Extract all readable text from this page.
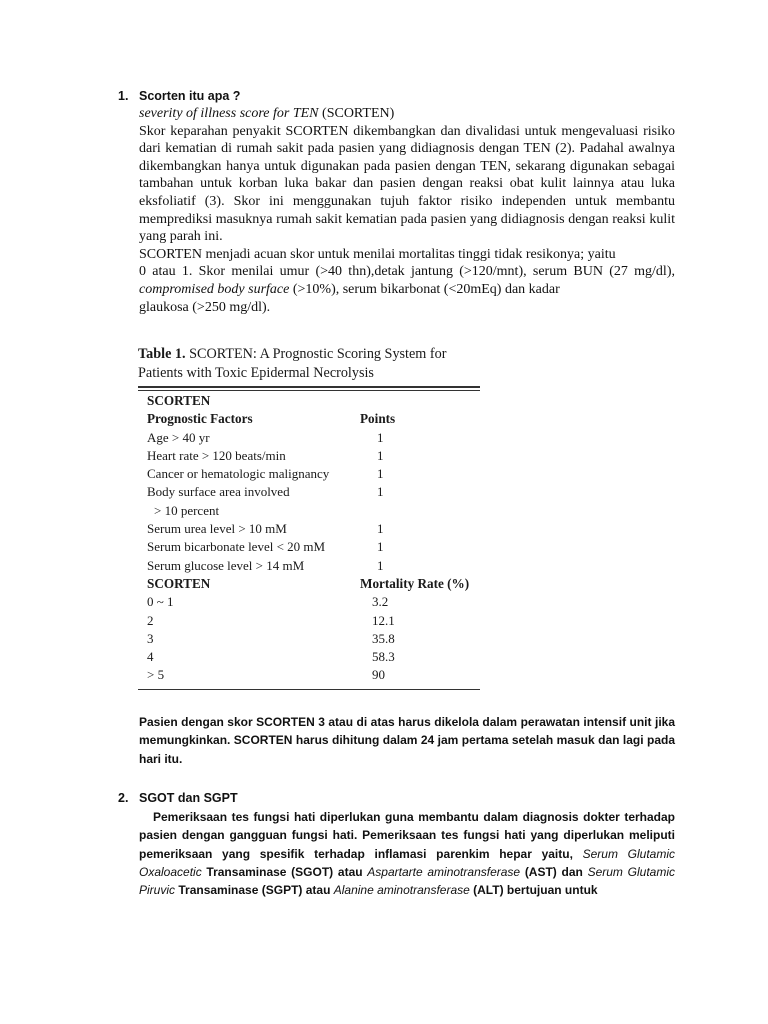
1. Scorten itu apa ?

severity of illness score for TEN (SCORTEN)

Skor keparahan penyakit SCORTEN dikembangkan dan divalidasi untuk mengevaluasi risiko dari kematian di rumah sakit pada pasien yang didiagnosis dengan TEN (2). Padahal awalnya dikembangkan hanya untuk digunakan pada pasien dengan TEN, sekarang digunakan sebagai tambahan untuk korban luka bakar dan pasien dengan reaksi obat kulit lainnya atau luka eksfoliatif (3). Skor ini menggunakan tujuh faktor risiko independen untuk membantu memprediksi masuknya rumah sakit kematian pada pasien yang didiagnosis dengan reaksi kulit yang parah ini.

SCORTEN menjadi acuan skor untuk menilai mortalitas tinggi tidak resikonya; yaitu

0 atau 1. Skor menilai umur (>40 thn),detak jantung (>120/mnt), serum BUN (27 mg/dl),

compromised body surface (>10%), serum bikarbonat (<20mEq) dan kadar

glaukosa (>250 mg/dl).

Table 1. SCORTEN: A Prognostic Scoring System for
Patients with Toxic Epidermal Necrolysis
SCORTEN
Prognostic Factors	Points
Age > 40 yr	1
Heart rate > 120 beats/min	1
Cancer or hematologic malignancy	1
Body surface area involved	1
> 10 percent
Serum urea level > 10 mM	1
Serum bicarbonate level < 20 mM	1
Serum glucose level > 14 mM	1
SCORTEN	Mortality Rate (%)
0 ~ 1	3.2
2	12.1
3	35.8
4	58.3
> 5	90

Pasien dengan skor SCORTEN 3 atau di atas harus dikelola dalam perawatan intensif unit jika memungkinkan. SCORTEN harus dihitung dalam 24 jam pertama setelah masuk dan lagi pada hari itu.

2. SGOT dan SGPT

Pemeriksaan tes fungsi hati diperlukan guna membantu dalam diagnosis dokter terhadap pasien dengan gangguan fungsi hati. Pemeriksaan tes fungsi hati yang diperlukan meliputi pemeriksaan yang spesifik terhadap inflamasi parenkim hepar yaitu, Serum Glutamic Oxaloacetic Transaminase (SGOT) atau Aspartarte aminotransferase (AST) dan Serum Glutamic Piruvic Transaminase (SGPT) atau Alanine aminotransferase (ALT) bertujuan untuk
